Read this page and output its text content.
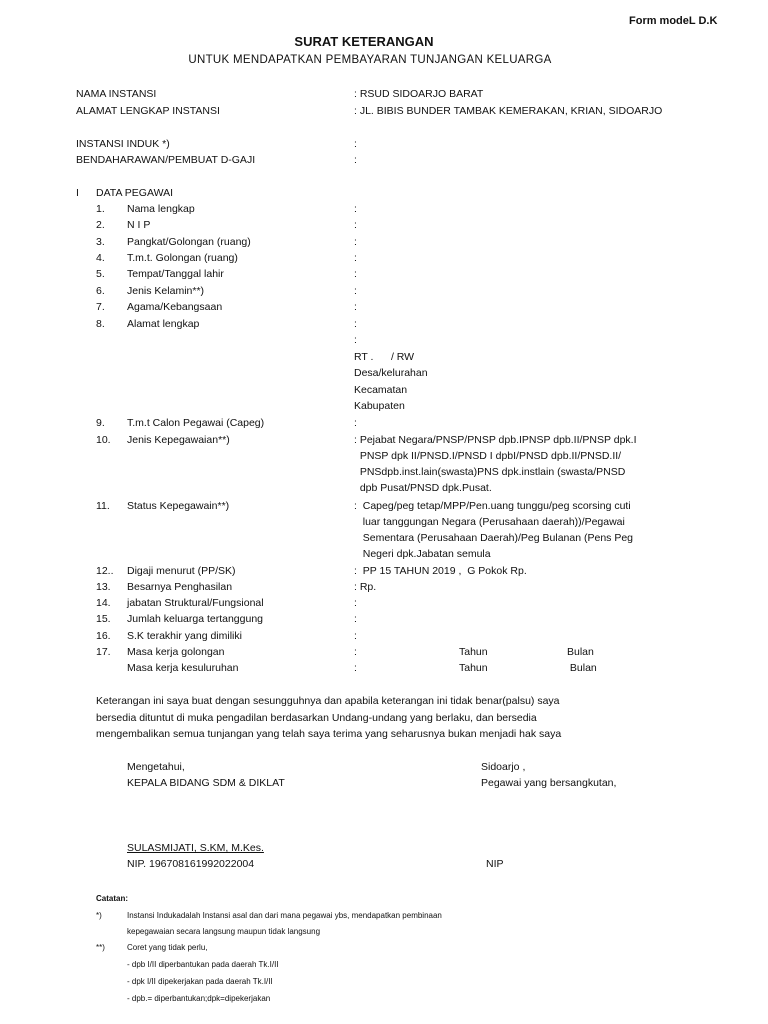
Form modeL D.K
SURAT KETERANGAN
UNTUK MENDAPATKAN PEMBAYARAN TUNJANGAN KELUARGA
NAMA INSTANSI	: RSUD SIDOARJO BARAT
ALAMAT LENGKAP INSTANSI	: JL. BIBIS BUNDER TAMBAK KEMERAKAN, KRIAN, SIDOARJO
INSTANSI INDUK *)	:
BENDAHARAWAN/PEMBUAT D-GAJI	:
I DATA PEGAWAI
1. Nama lengkap	:
2. N I P	:
3. Pangkat/Golongan (ruang)	:
4. T.m.t. Golongan (ruang)	:
5. Tempat/Tanggal lahir	:
6. Jenis Kelamin**)	:
7. Agama/Kebangsaan	:
8. Alamat lengkap	:
:
RT .      / RW
Desa/kelurahan
Kecamatan
Kabupaten
9. T.m.t Calon Pegawai (Capeg)	:
10. Jenis Kepegawaian**)	: Pejabat Negara/PNSP/PNSP dpb.IPNSP dpb.II/PNSP dpk.I
PNSP dpk II/PNSD.I/PNSD I dpbI/PNSD dpb.II/PNSD.II/
PNSdpb.inst.lain(swasta)PNS dpk.instlain (swasta/PNSD
dpb Pusat/PNSD dpk.Pusat.
11. Status Kepegawain**)	:  Capeg/peg tetap/MPP/Pen.uang tunggu/peg scorsing cuti
luar tanggungan Negara (Perusahaan daerah))/Pegawai
Sementara (Perusahaan Daerah)/Peg Bulanan (Pens Peg
Negeri dpk.Jabatan semula
12.. Digaji menurut (PP/SK)	:  PP 15 TAHUN 2019 ,  G Pokok Rp.
13. Besarnya Penghasilan	: Rp.
14. jabatan Struktural/Fungsional	:
15. Jumlah keluarga tertanggung	:
16. S.K terakhir yang dimiliki	:
17. Masa kerja golongan	:	Tahun	Bulan
Masa kerja kesuluruhan	:	Tahun	Bulan
Keterangan ini saya buat dengan sesungguhnya dan apabila keterangan ini tidak benar(palsu) saya
bersedia dituntut di muka pengadilan berdasarkan Undang-undang yang berlaku, dan bersedia
mengembalikan semua tunjangan yang telah saya terima yang seharusnya bukan menjadi hak saya
Mengetahui,
KEPALA BIDANG SDM & DIKLAT
Sidoarjo ,
Pegawai yang bersangkutan,
SULASMIJATI, S.KM, M.Kes.
NIP. 196708161992022004	NIP
Catatan:
*)	Instansi Indukadalah Instansi asal dan dari mana pegawai ybs, mendapatkan pembinaan
kepegawaian secara langsung maupun tidak langsung
**)	Coret yang tidak perlu,
- dpb I/II diperbantukan pada daerah Tk.I/II
- dpk I/II dipekerjakan pada daerah Tk.I/II
- dpb.= diperbantukan;dpk=dipekerjakan
